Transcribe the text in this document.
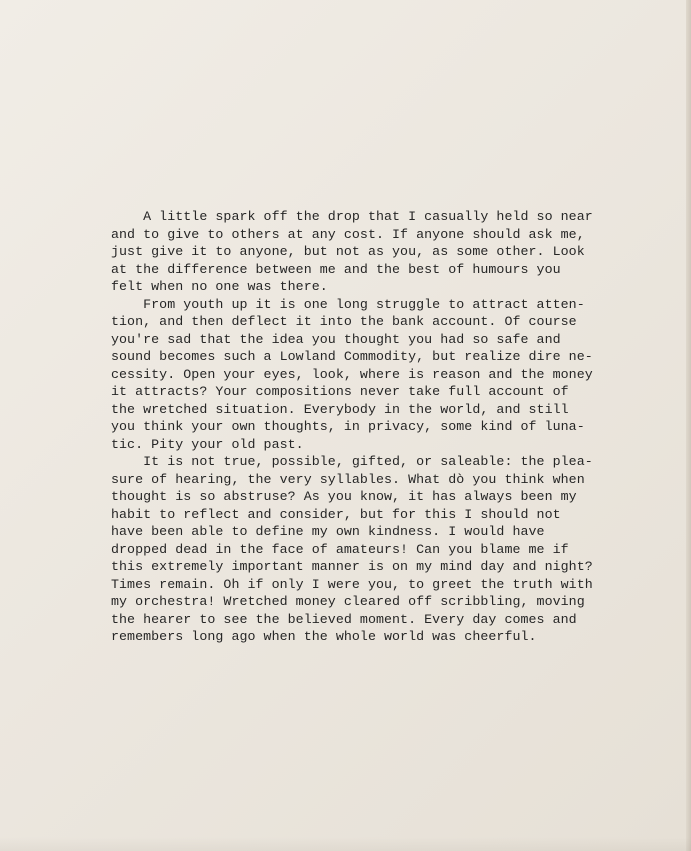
A little spark off the drop that I casually held so near
and to give to others at any cost. If anyone should ask me,
just give it to anyone, but not as you, as some other. Look
at the difference between me and the best of humours you
felt when no one was there.
From youth up it is one long struggle to attract atten-
tion, and then deflect it into the bank account. Of course
you're sad that the idea you thought you had so safe and
sound becomes such a Lowland Commodity, but realize dire ne-
cessity. Open your eyes, look, where is reason and the money
it attracts? Your compositions never take full account of
the wretched situation. Everybody in the world, and still
you think your own thoughts, in privacy, some kind of luna-
tic. Pity your old past.
It is not true, possible, gifted, or saleable: the plea-
sure of hearing, the very syllables. What dò you think when
thought is so abstruse? As you know, it has always been my
habit to reflect and consider, but for this I should not
have been able to define my own kindness. I would have
dropped dead in the face of amateurs! Can you blame me if
this extremely important manner is on my mind day and night?
Times remain. Oh if only I were you, to greet the truth with
my orchestra! Wretched money cleared off scribbling, moving
the hearer to see the believed moment. Every day comes and
remembers long ago when the whole world was cheerful.
